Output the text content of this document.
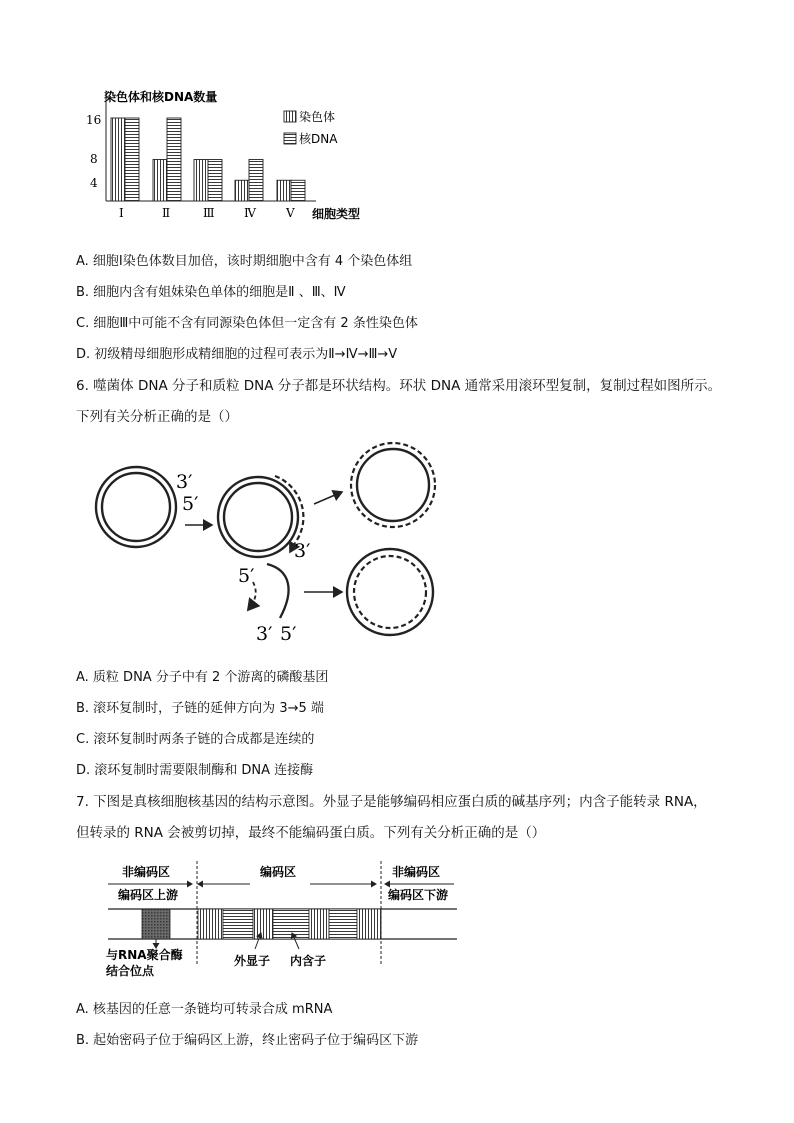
染色体和核DNA数量
细胞类型
16
8
4
Ⅰ	Ⅱ	Ⅲ Ⅳ	Ⅴ
染色体
核DNA
A. 细胞Ⅰ染色体数目加倍，该时期细胞中含有 4 个染色体组
B. 细胞内含有姐妹染色单体的细胞是Ⅱ 、Ⅲ、Ⅳ
C. 细胞Ⅲ中可能不含有同源染色体但一定含有 2 条性染色体
D. 初级精母细胞形成精细胞的过程可表示为Ⅱ→Ⅳ→Ⅲ→Ⅴ
6. 噬菌体 DNA 分子和质粒 DNA 分子都是环状结构。环状 DNA 通常采用滚环型复制，复制过程如图所示。
下列有关分析正确的是（）
3′
5′
3′
5′
3′ 5′
A. 质粒 DNA 分子中有 2 个游离的磷酸基团
B. 滚环复制时，子链的延伸方向为 3→5 端
C. 滚环复制时两条子链的合成都是连续的
D. 滚环复制时需要限制酶和 DNA 连接酶
7. 下图是真核细胞核基因的结构示意图。外显子是能够编码相应蛋白质的碱基序列；内含子能转录 RNA，
但转录的 RNA 会被剪切掉，最终不能编码蛋白质。下列有关分析正确的是（）
非编码区	编码区	非编码区
编码区上游	编码区下游
与RNA聚合酶
结合位点
外显子 内含子
A. 核基因的任意一条链均可转录合成 mRNA
B. 起始密码子位于编码区上游，终止密码子位于编码区下游
